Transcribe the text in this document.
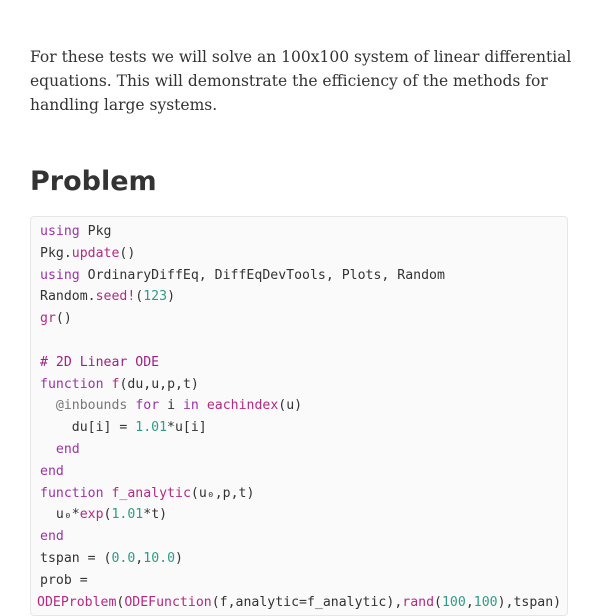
For these tests we will solve an 100x100 system of linear differential equations. This will demonstrate the efficiency of the methods for handling large systems.

Problem
using Pkg
Pkg.update()
using OrdinaryDiffEq, DiffEqDevTools, Plots, Random
Random.seed!(123)
gr()

# 2D Linear ODE
function f(du,u,p,t)
@inbounds for i in eachindex(u)
du[i] = 1.01*u[i]
end
end
function f_analytic(u₀,p,t)
u₀*exp(1.01*t)
end
tspan = (0.0,10.0)
prob =
ODEProblem(ODEFunction(f,analytic=f_analytic),rand(100,100),tspan)
